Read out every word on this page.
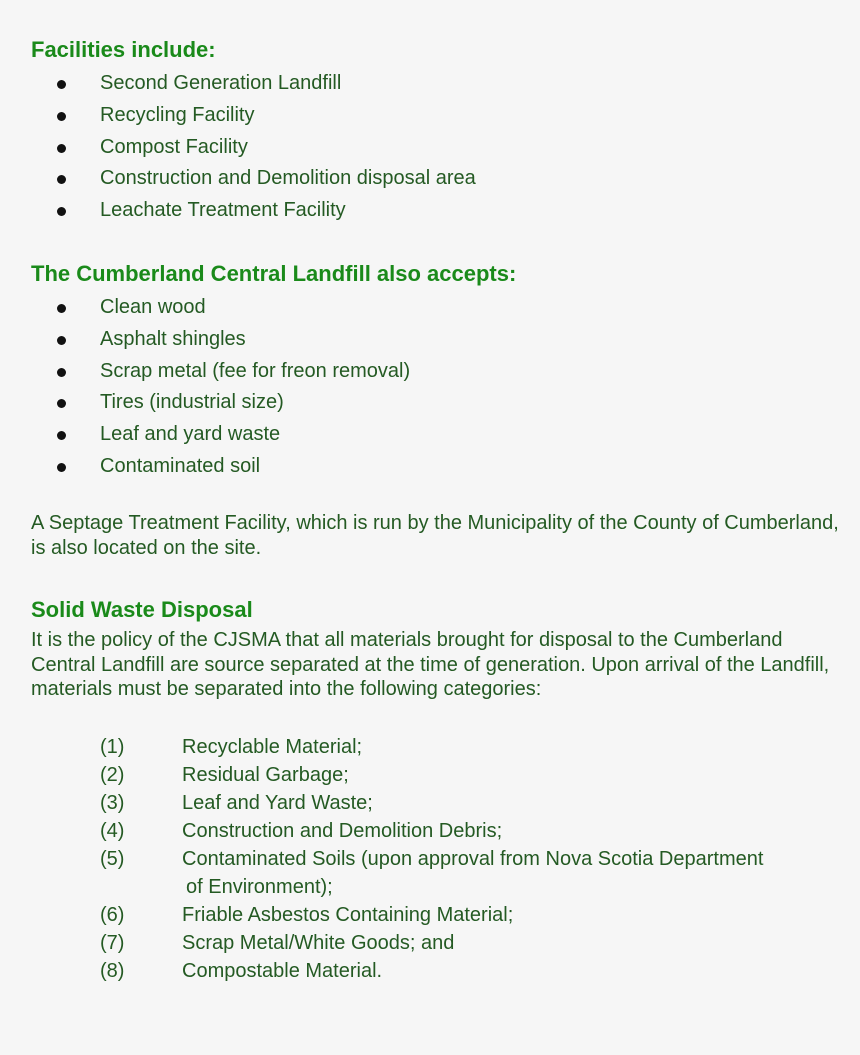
Facilities include:
Second Generation Landfill
Recycling Facility
Compost Facility
Construction and Demolition disposal area
Leachate Treatment Facility
The Cumberland Central Landfill also accepts:
Clean wood
Asphalt shingles
Scrap metal (fee for freon removal)
Tires (industrial size)
Leaf and yard waste
Contaminated soil

A Septage Treatment Facility, which is run by the Municipality of the County of Cumberland, is also located on the site.

Solid Waste Disposal

It is the policy of the CJSMA that all materials brought for disposal to the Cumberland Central Landfill are source separated at the time of generation. Upon arrival of the Landfill, materials must be separated into the following categories:

(1)	Recyclable Material;
(2)	Residual Garbage;
(3)	Leaf and Yard Waste;
(4)	Construction and Demolition Debris;
(5)	Contaminated Soils (upon approval from Nova Scotia Department
of Environment);
(6)	Friable Asbestos Containing Material;
(7)	Scrap Metal/White Goods; and
(8)	Compostable Material.
